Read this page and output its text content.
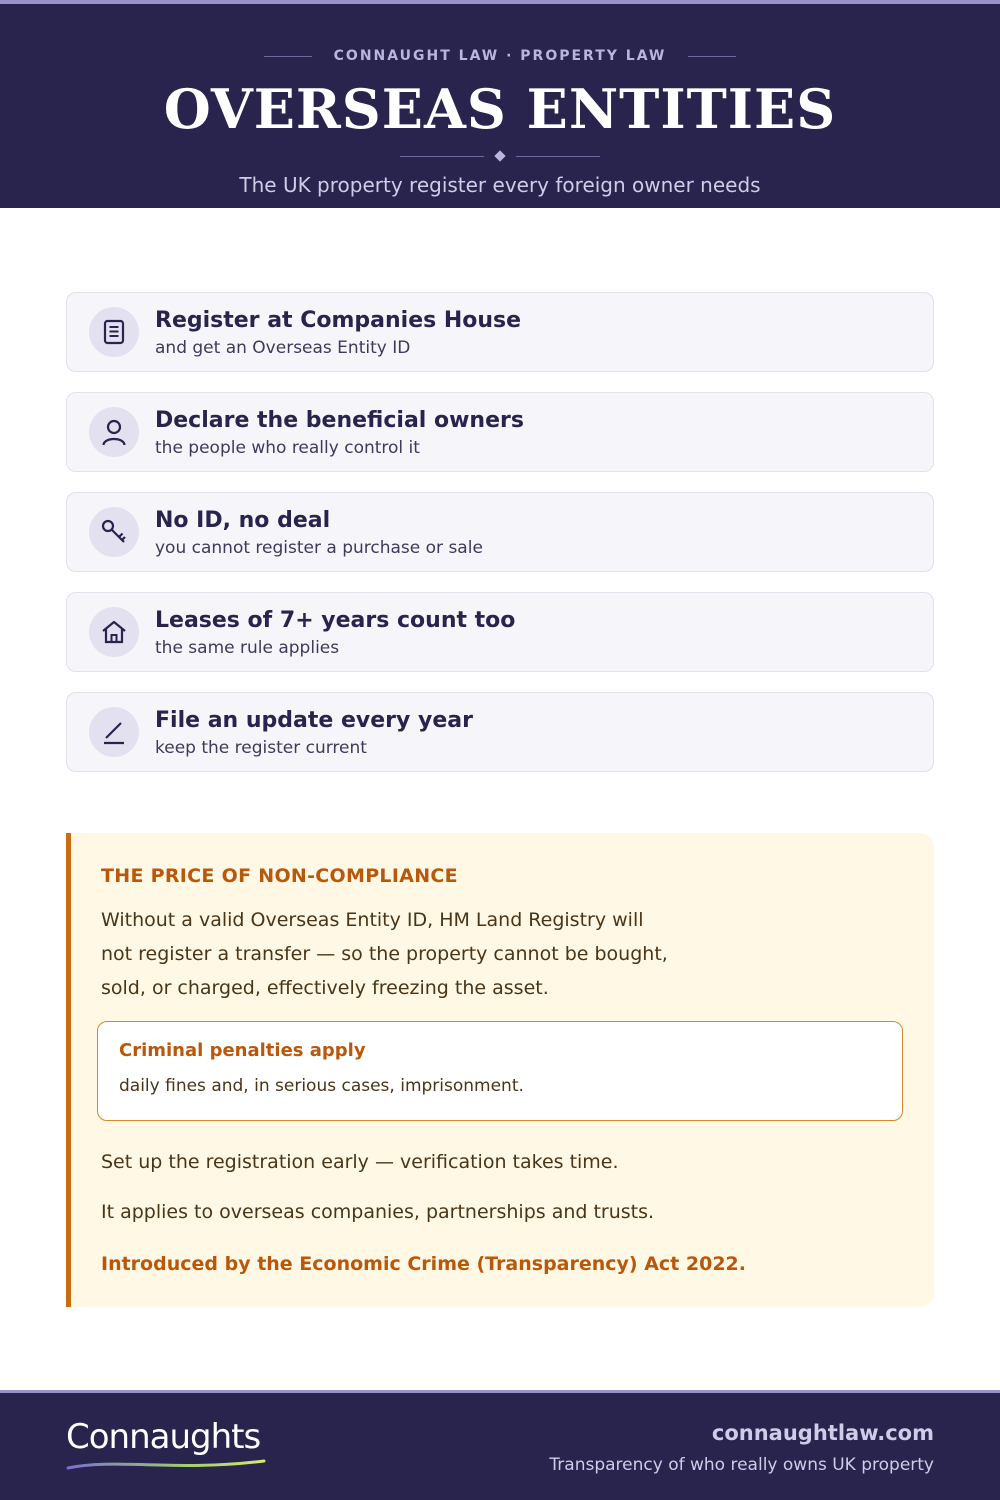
CONNAUGHT LAW · PROPERTY LAW
OVERSEAS ENTITIES
The UK property register every foreign owner needs
Register at Companies House
and get an Overseas Entity ID
Declare the beneficial owners
the people who really control it
No ID, no deal
you cannot register a purchase or sale
Leases of 7+ years count too
the same rule applies
File an update every year
keep the register current
THE PRICE OF NON-COMPLIANCE
Without a valid Overseas Entity ID, HM Land Registry will
not register a transfer — so the property cannot be bought,
sold, or charged, effectively freezing the asset.
Criminal penalties apply
daily fines and, in serious cases, imprisonment.
Set up the registration early — verification takes time.
It applies to overseas companies, partnerships and trusts.
Introduced by the Economic Crime (Transparency) Act 2022.
Connaughts	connaughtlaw.com
Transparency of who really owns UK property
